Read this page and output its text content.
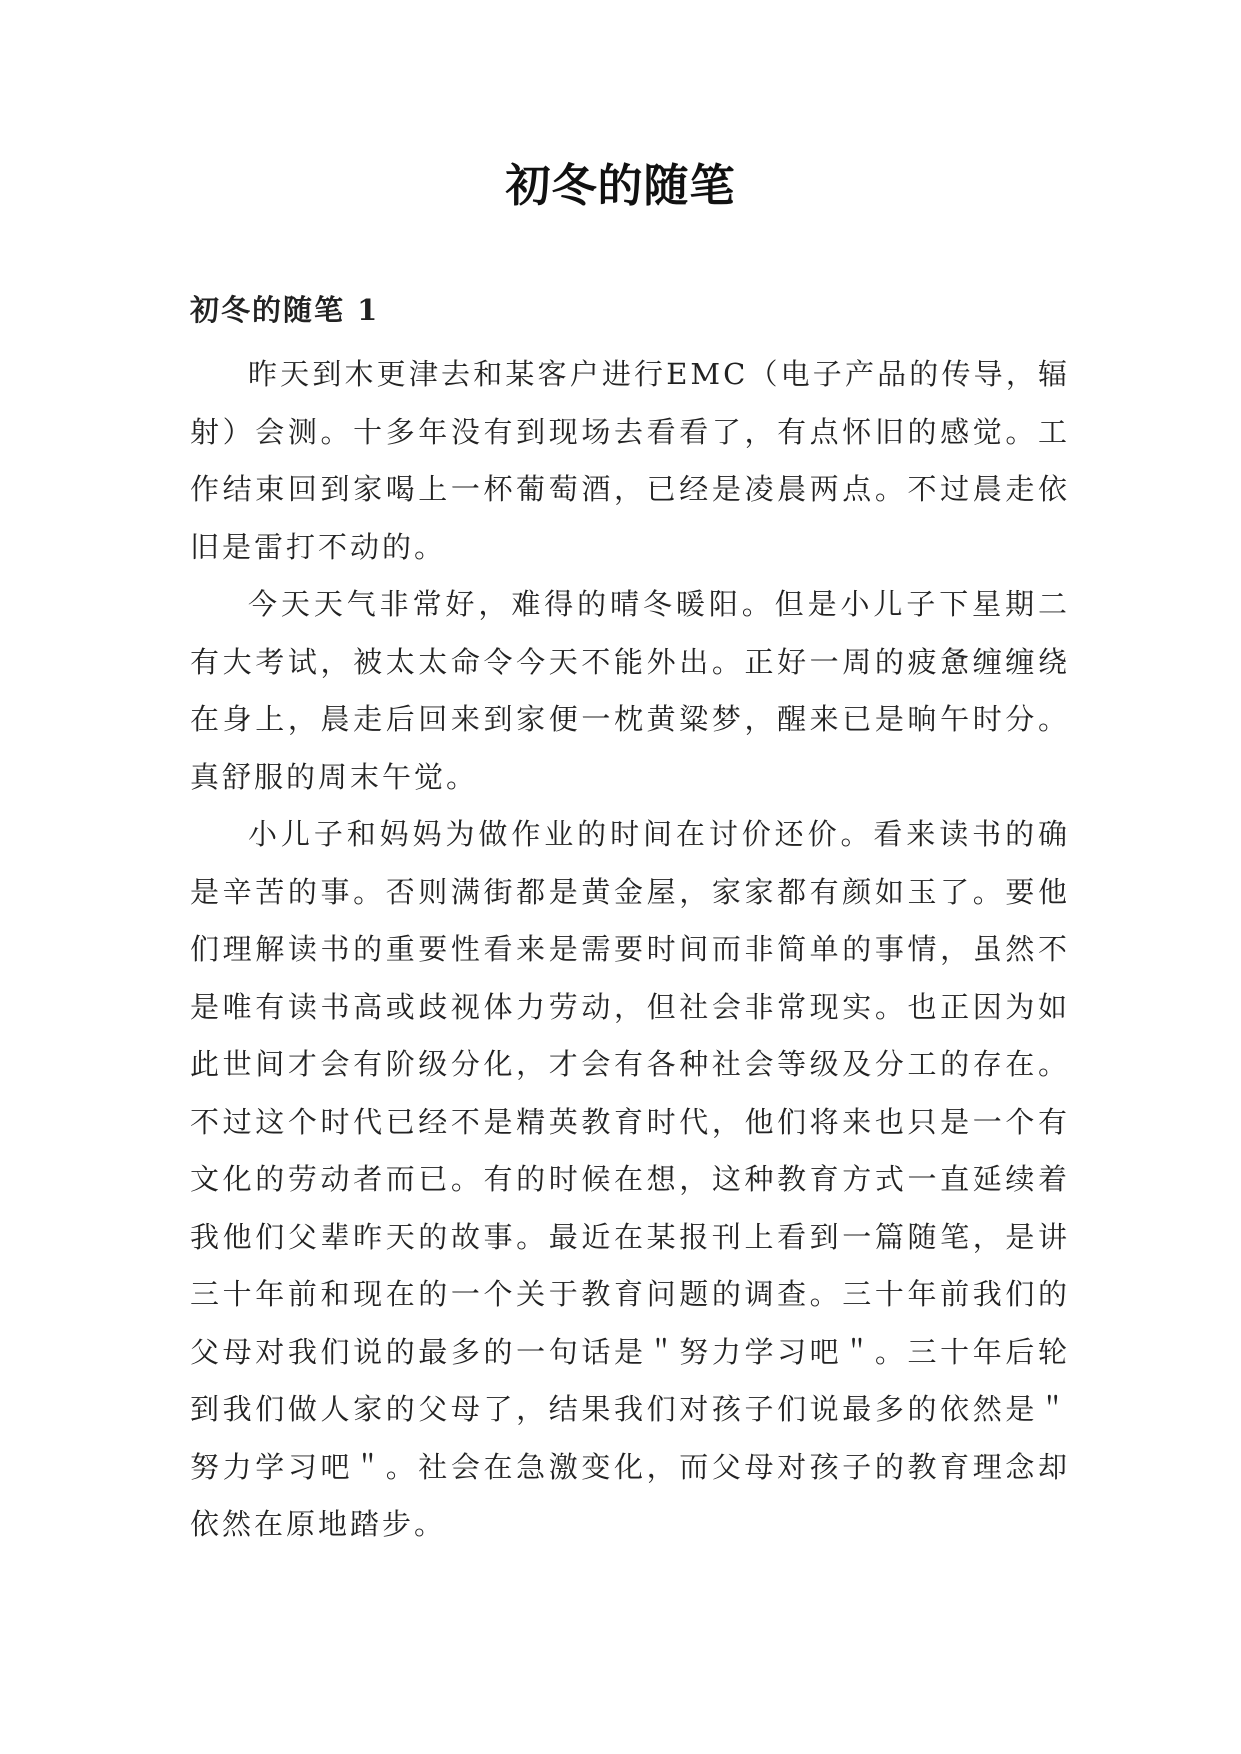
初冬的随笔
初冬的随笔 1

昨天到木更津去和某客户进行EMC（电子产品的传导，辐射）会测。十多年没有到现场去看看了，有点怀旧的感觉。工作结束回到家喝上一杯葡萄酒，已经是凌晨两点。不过晨走依旧是雷打不动的。

今天天气非常好，难得的晴冬暖阳。但是小儿子下星期二有大考试，被太太命令今天不能外出。正好一周的疲惫缠缠绕在身上，晨走后回来到家便一枕黄粱梦，醒来已是晌午时分。真舒服的周末午觉。

小儿子和妈妈为做作业的时间在讨价还价。看来读书的确是辛苦的事。否则满街都是黄金屋，家家都有颜如玉了。要他们理解读书的重要性看来是需要时间而非简单的事情，虽然不是唯有读书高或歧视体力劳动，但社会非常现实。也正因为如此世间才会有阶级分化，才会有各种社会等级及分工的存在。不过这个时代已经不是精英教育时代，他们将来也只是一个有文化的劳动者而已。有的时候在想，这种教育方式一直延续着我他们父辈昨天的故事。最近在某报刊上看到一篇随笔，是讲三十年前和现在的一个关于教育问题的调查。三十年前我们的父母对我们说的最多的一句话是＂努力学习吧＂。三十年后轮到我们做人家的父母了，结果我们对孩子们说最多的依然是＂努力学习吧＂。社会在急激变化，而父母对孩子的教育理念却依然在原地踏步。
